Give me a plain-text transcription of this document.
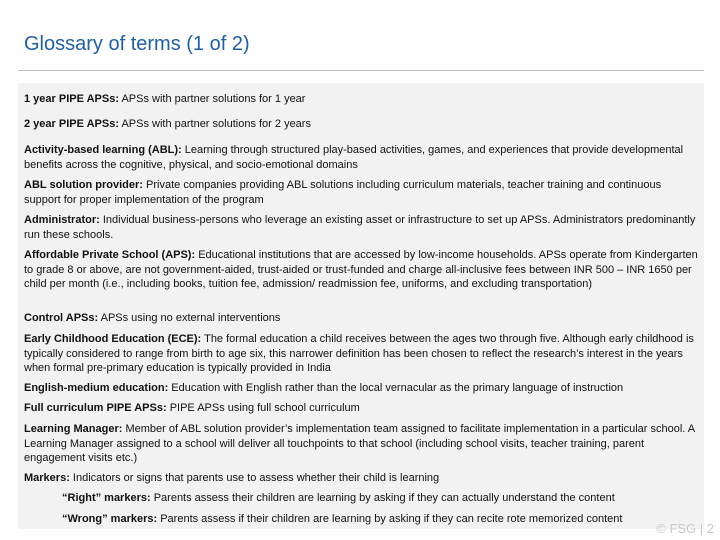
Glossary of terms (1 of 2)
1 year PIPE APSs: APSs with partner solutions for 1 year
2 year PIPE APSs: APSs with partner solutions for 2 years
Activity-based learning (ABL): Learning through structured play-based activities, games, and experiences that provide developmental benefits across the cognitive, physical, and socio-emotional domains
ABL solution provider: Private companies providing ABL solutions including curriculum materials, teacher training and continuous support for proper implementation of the program
Administrator: Individual business-persons who leverage an existing asset or infrastructure to set up APSs. Administrators predominantly run these schools.
Affordable Private School (APS): Educational institutions that are accessed by low-income households. APSs operate from Kindergarten to grade 8 or above, are not government-aided, trust-aided or trust-funded and charge all-inclusive fees between INR 500 – INR 1650 per child per month (i.e., including books, tuition fee, admission/ readmission fee, uniforms, and excluding transportation)
Control APSs: APSs using no external interventions
Early Childhood Education (ECE): The formal education a child receives between the ages two through five. Although early childhood is typically considered to range from birth to age six, this narrower definition has been chosen to reflect the research’s interest in the years when formal pre-primary education is typically provided in India
English-medium education: Education with English rather than the local vernacular as the primary language of instruction
Full curriculum PIPE APSs: PIPE APSs using full school curriculum
Learning Manager: Member of ABL solution provider’s implementation team assigned to facilitate implementation in a particular school. A Learning Manager assigned to a school will deliver all touchpoints to that school (including school visits, teacher training, parent engagement visits etc.)
Markers: Indicators or signs that parents use to assess whether their child is learning
“Right” markers: Parents assess their children are learning by asking if they can actually understand the content
“Wrong” markers: Parents assess if their children are learning by asking if they can recite rote memorized content
© FSG | 2
